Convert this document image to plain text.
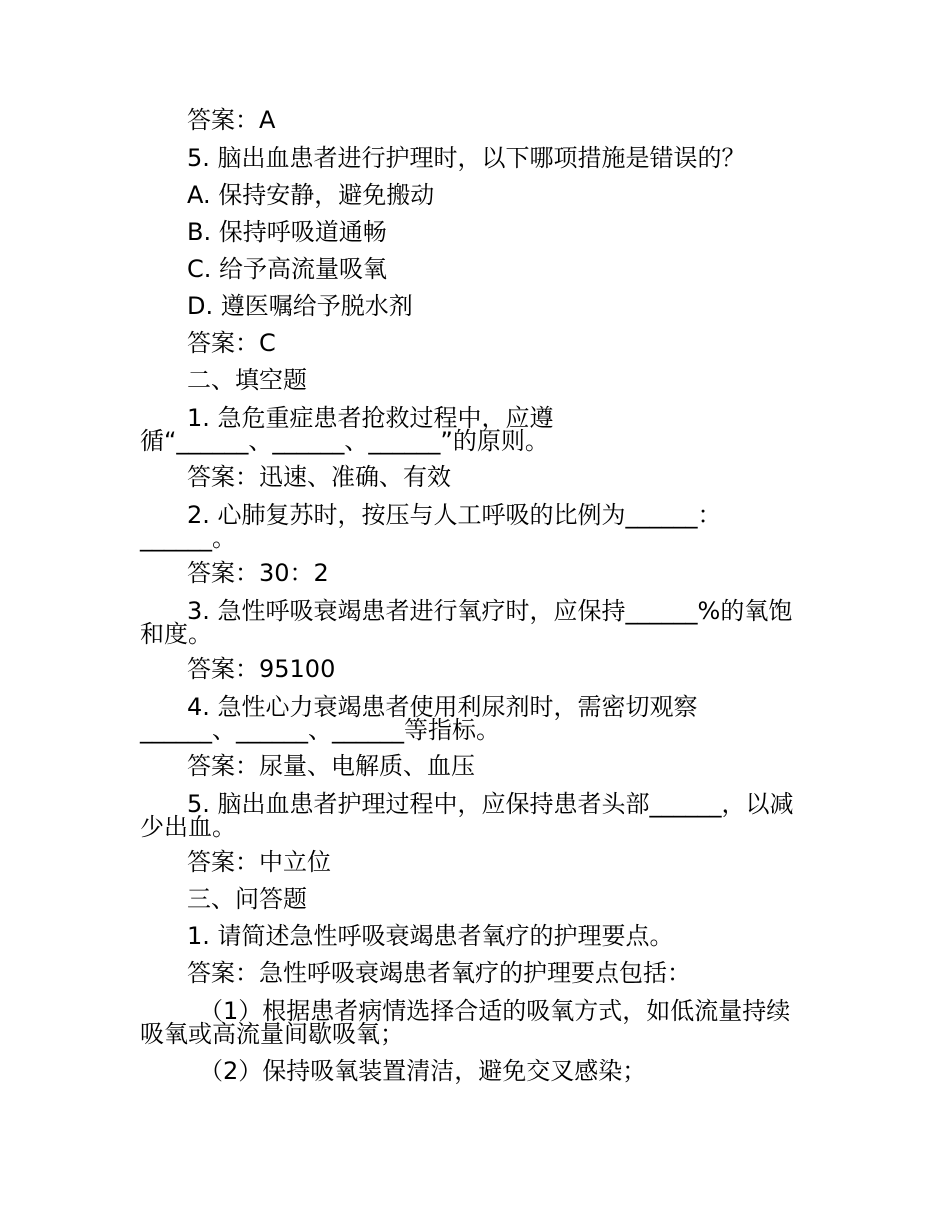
答案：A
5. 脑出血患者进行护理时，以下哪项措施是错误的？
A. 保持安静，避免搬动
B. 保持呼吸道通畅
C. 给予高流量吸氧
D. 遵医嘱给予脱水剂
答案：C
二、填空题
1. 急危重症患者抢救过程中，应遵
循“______、______、______”的原则。
答案：迅速、准确、有效
2. 心肺复苏时，按压与人工呼吸的比例为______：
______。
答案：30：2
3. 急性呼吸衰竭患者进行氧疗时，应保持______%的氧饱
和度。
答案：95100
4. 急性心力衰竭患者使用利尿剂时，需密切观察
______、______、______等指标。
答案：尿量、电解质、血压
5. 脑出血患者护理过程中，应保持患者头部______，以减
少出血。
答案：中立位
三、问答题
1. 请简述急性呼吸衰竭患者氧疗的护理要点。
答案：急性呼吸衰竭患者氧疗的护理要点包括：
（1）根据患者病情选择合适的吸氧方式，如低流量持续
吸氧或高流量间歇吸氧；
（2）保持吸氧装置清洁，避免交叉感染；
